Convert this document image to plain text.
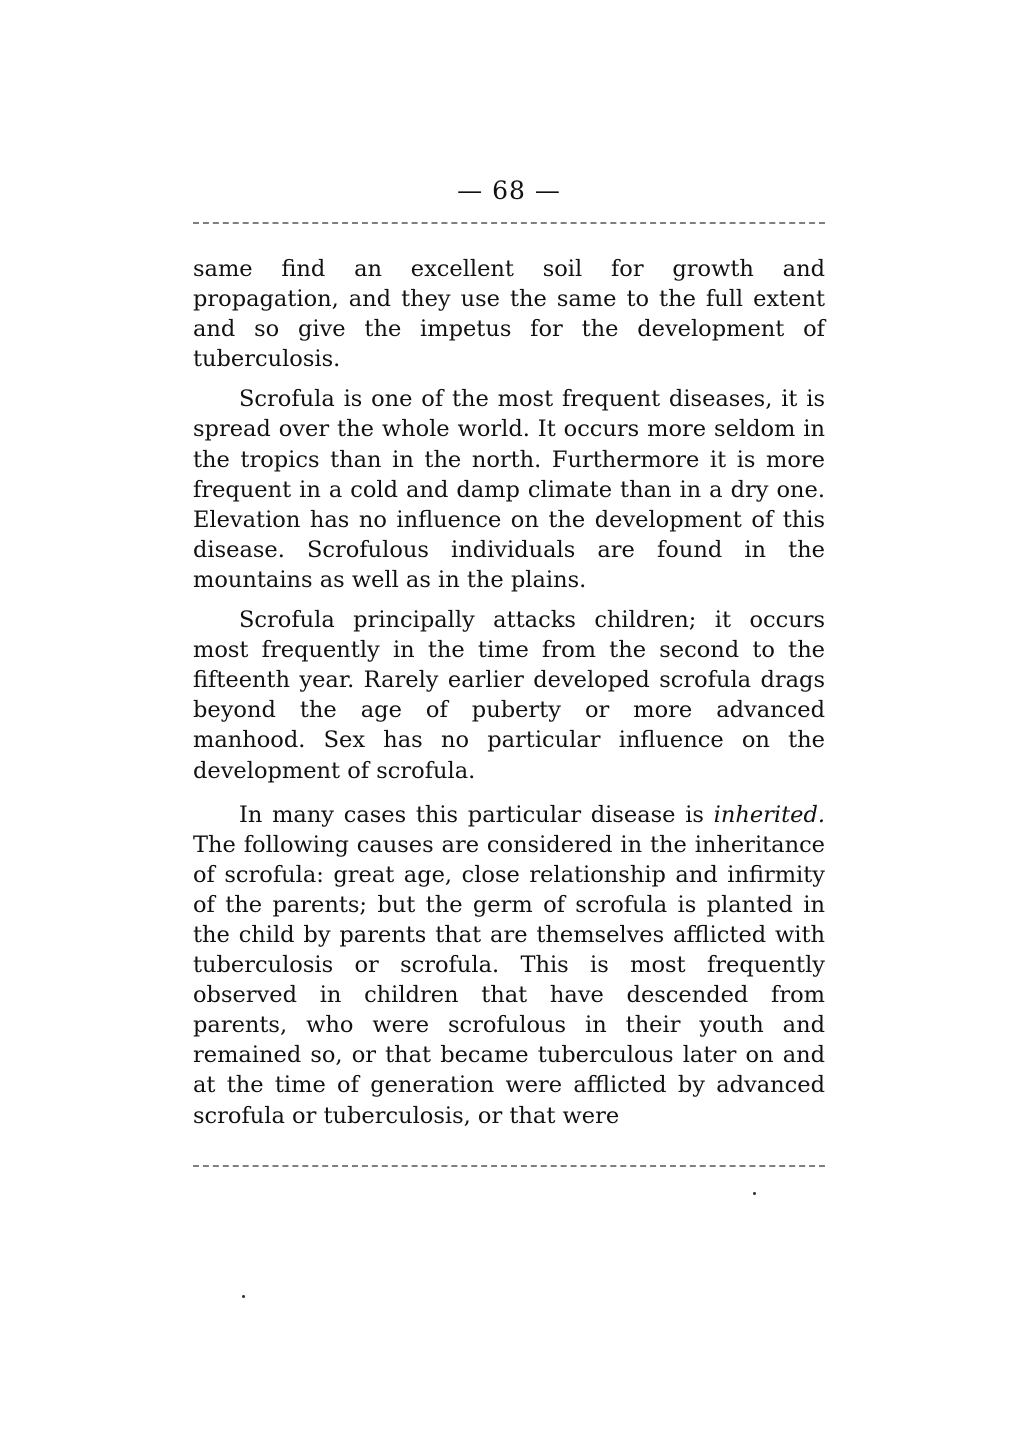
— 68 —

same find an excellent soil for growth and propagation, and they use the same to the full extent and so give the impetus for the development of tuberculosis.

Scrofula is one of the most frequent diseases, it is spread over the whole world. It occurs more seldom in the tropics than in the north. Furthermore it is more frequent in a cold and damp climate than in a dry one. Elevation has no influence on the development of this disease. Scrofulous individuals are found in the mountains as well as in the plains.

Scrofula principally attacks children; it occurs most frequently in the time from the second to the fifteenth year. Rarely earlier developed scrofula drags beyond the age of puberty or more advanced manhood. Sex has no particular influence on the development of scrofula.

In many cases this particular disease is inherited. The following causes are considered in the inheritance of scrofula: great age, close relationship and infirmity of the parents; but the germ of scrofula is planted in the child by parents that are themselves afflicted with tuberculosis or scrofula. This is most frequently observed in children that have descended from parents, who were scrofulous in their youth and remained so, or that became tuberculous later on and at the time of generation were afflicted by advanced scrofula or tuberculosis, or that were
